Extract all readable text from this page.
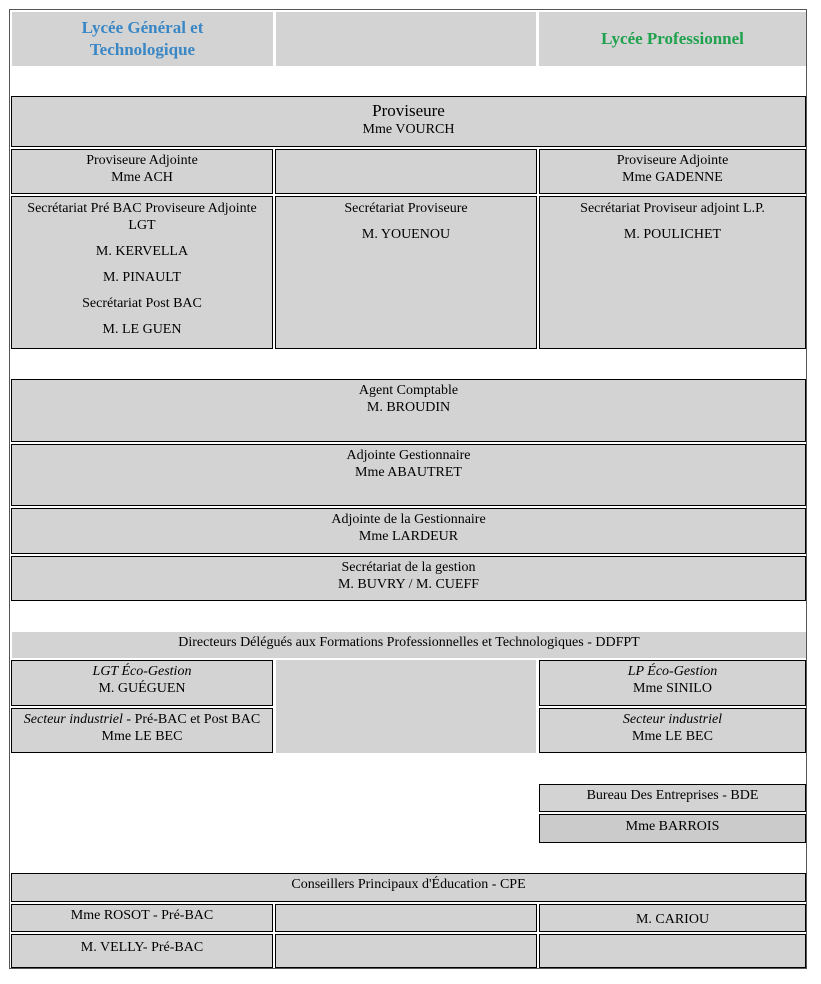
Lycée Général et Technologique
Lycée Professionnel
Proviseure
Mme VOURCH
Proviseure Adjointe
Mme ACH
Proviseure Adjointe
Mme GADENNE
Secrétariat Pré BAC Proviseure Adjointe LGT
M. KERVELLA
M. PINAULT
Secrétariat Post BAC
M. LE GUEN
Secrétariat Proviseure
M. YOUENOU
Secrétariat Proviseur adjoint L.P.
M. POULICHET
Agent Comptable
M. BROUDIN
Adjointe Gestionnaire
Mme ABAUTRET
Adjointe de la Gestionnaire
Mme LARDEUR
Secrétariat de la gestion
M. BUVRY / M. CUEFF
Directeurs Délégués aux Formations Professionnelles et Technologiques - DDFPT
LGT Éco-Gestion
M. GUÉGUEN
LP Éco-Gestion
Mme SINILO
Secteur industriel - Pré-BAC et Post BAC
Mme LE BEC
Secteur industriel
Mme LE BEC
Bureau Des Entreprises - BDE
Mme BARROIS
Conseillers Principaux d'Éducation - CPE
Mme ROSOT - Pré-BAC	M. CARIOU
M. VELLY- Pré-BAC
